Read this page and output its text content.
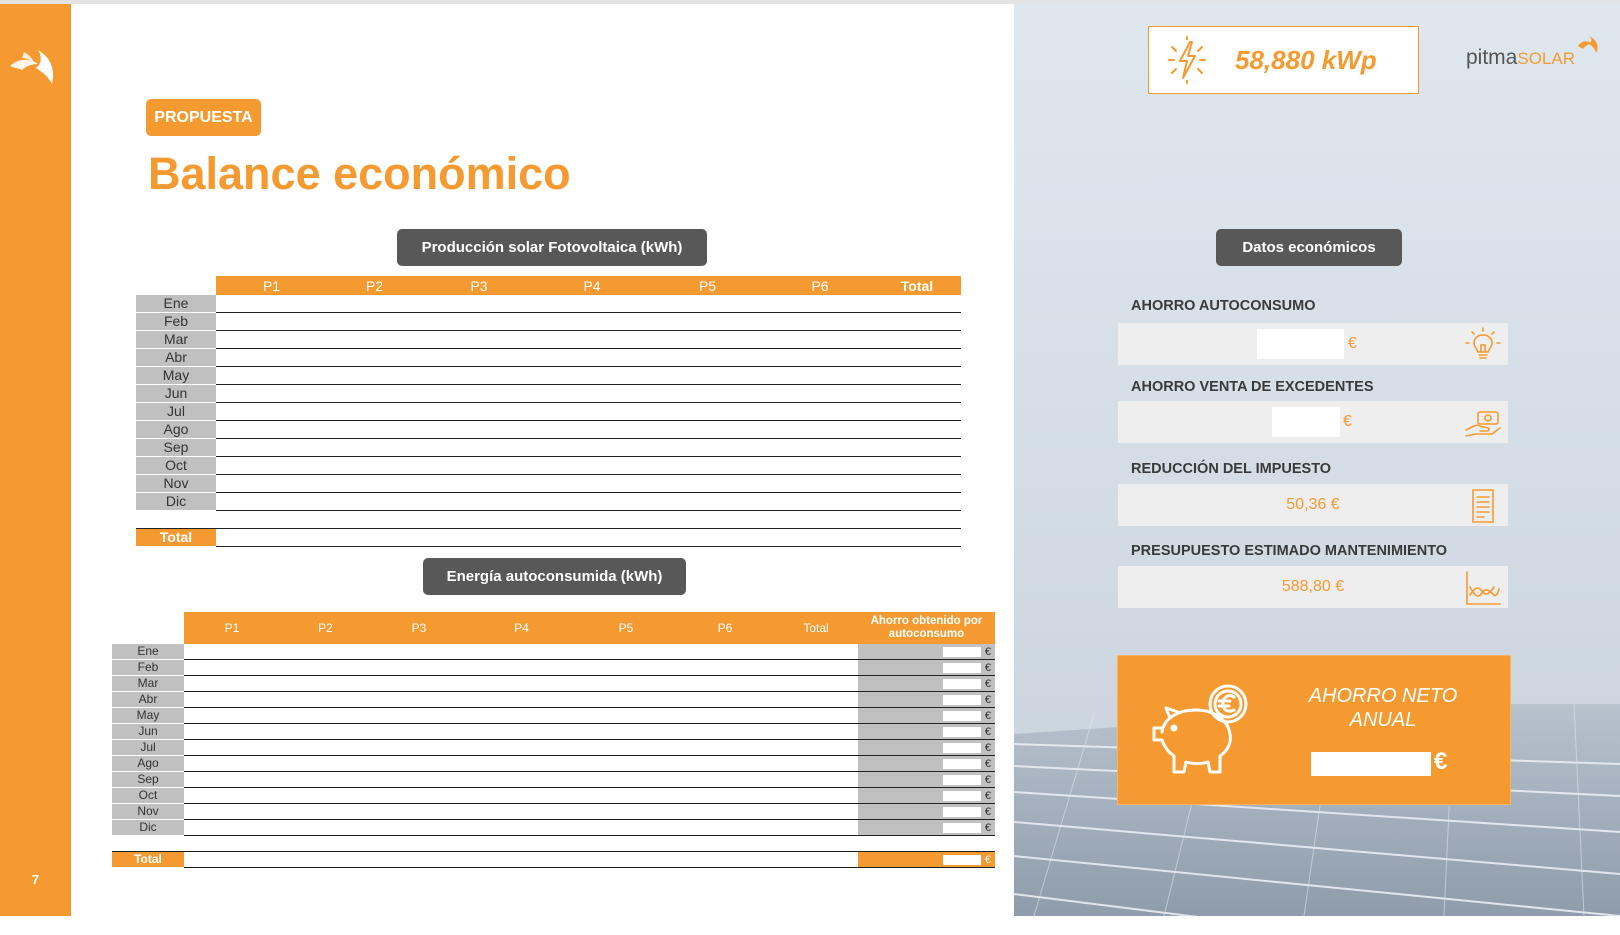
7
PROPUESTA
Balance económico
Producción solar Fotovoltaica (kWh)
	P1	P2	P3	P4	P5	P6	Total
Ene							
Feb							
Mar							
Abr							
May							
Jun							
Jul							
Ago							
Sep							
Oct							
Nov							
Dic							

Total							
Energía autoconsumida (kWh)
	P1	P2	P3	P4	P5	P6	Total	Ahorro obtenido por autoconsumo
Ene								€

Feb								€

Mar								€

Abr								€

May								€

Jun								€

Jul								€

Ago								€

Sep								€

Oct								€

Nov								€

Dic								€

Total								€
58,880 kWp	pitmaSOLAR
Datos económicos
AHORRO AUTOCONSUMO
€
AHORRO VENTA DE EXCEDENTES
€
REDUCCIÓN DEL IMPUESTO
50,36 €
PRESUPUESTO ESTIMADO MANTENIMIENTO
588,80 €
AHORRO NETO ANUAL
€
